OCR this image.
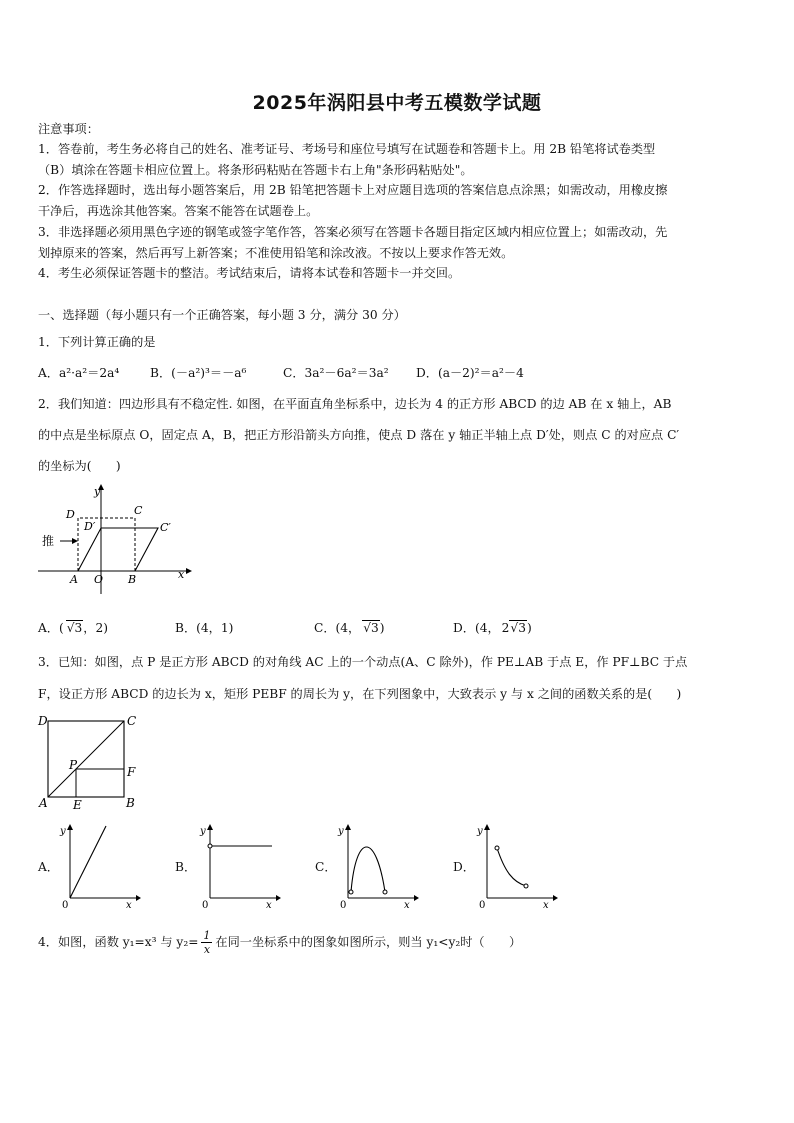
2025年涡阳县中考五模数学试题
注意事项：
1．答卷前，考生务必将自己的姓名、准考证号、考场号和座位号填写在试题卷和答题卡上。用 2B 铅笔将试卷类型
（B）填涂在答题卡相应位置上。将条形码粘贴在答题卡右上角"条形码粘贴处"。
2．作答选择题时，选出每小题答案后，用 2B 铅笔把答题卡上对应题目选项的答案信息点涂黑；如需改动，用橡皮擦
干净后，再选涂其他答案。答案不能答在试题卷上。
3．非选择题必须用黑色字迹的钢笔或签字笔作答，答案必须写在答题卡各题目指定区域内相应位置上；如需改动，先
划掉原来的答案，然后再写上新答案；不准使用铅笔和涂改液。不按以上要求作答无效。
4．考生必须保证答题卡的整洁。考试结束后，请将本试卷和答题卡一并交回。
一、选择题（每小题只有一个正确答案，每小题 3 分，满分 30 分）
1．下列计算正确的是
A．a²·a²＝2a⁴	B．(－a²)³＝－a⁶	C．3a²－6a²＝3a² D．(a－2)²＝a²－4
2．我们知道：四边形具有不稳定性. 如图，在平面直角坐标系中，边长为 4 的正方形 ABCD 的边 AB 在 x 轴上，AB
的中点是坐标原点 O，固定点 A，B，把正方形沿箭头方向推，使点 D 落在 y 轴正半轴上点 D′处，则点 C 的对应点 C′
的坐标为(　　)
推
y
x
D	C
D′	C′
A O B
A．( √3，2)	B．(4，1)	C．(4， √3)	D．(4， 2√3)
3．已知：如图，点 P 是正方形 ABCD 的对角线 AC 上的一个动点(A、C 除外)，作 PE⊥AB 于点 E，作 PF⊥BC 于点
F，设正方形 ABCD 的边长为 x，矩形 PEBF 的周长为 y，在下列图象中，大致表示 y 与 x 之间的函数关系的是(　　)
D	C
P	F
A E	B
A．	B．	C．	D．
y
x
0
y
x
0
y
x
0
y
x
0
4．如图，函数 y₁=x³ 与 $y_2= \frac{1}{x}$ 在同一坐标系中的图象如图所示，则当 y₁<y₂时（　　）
